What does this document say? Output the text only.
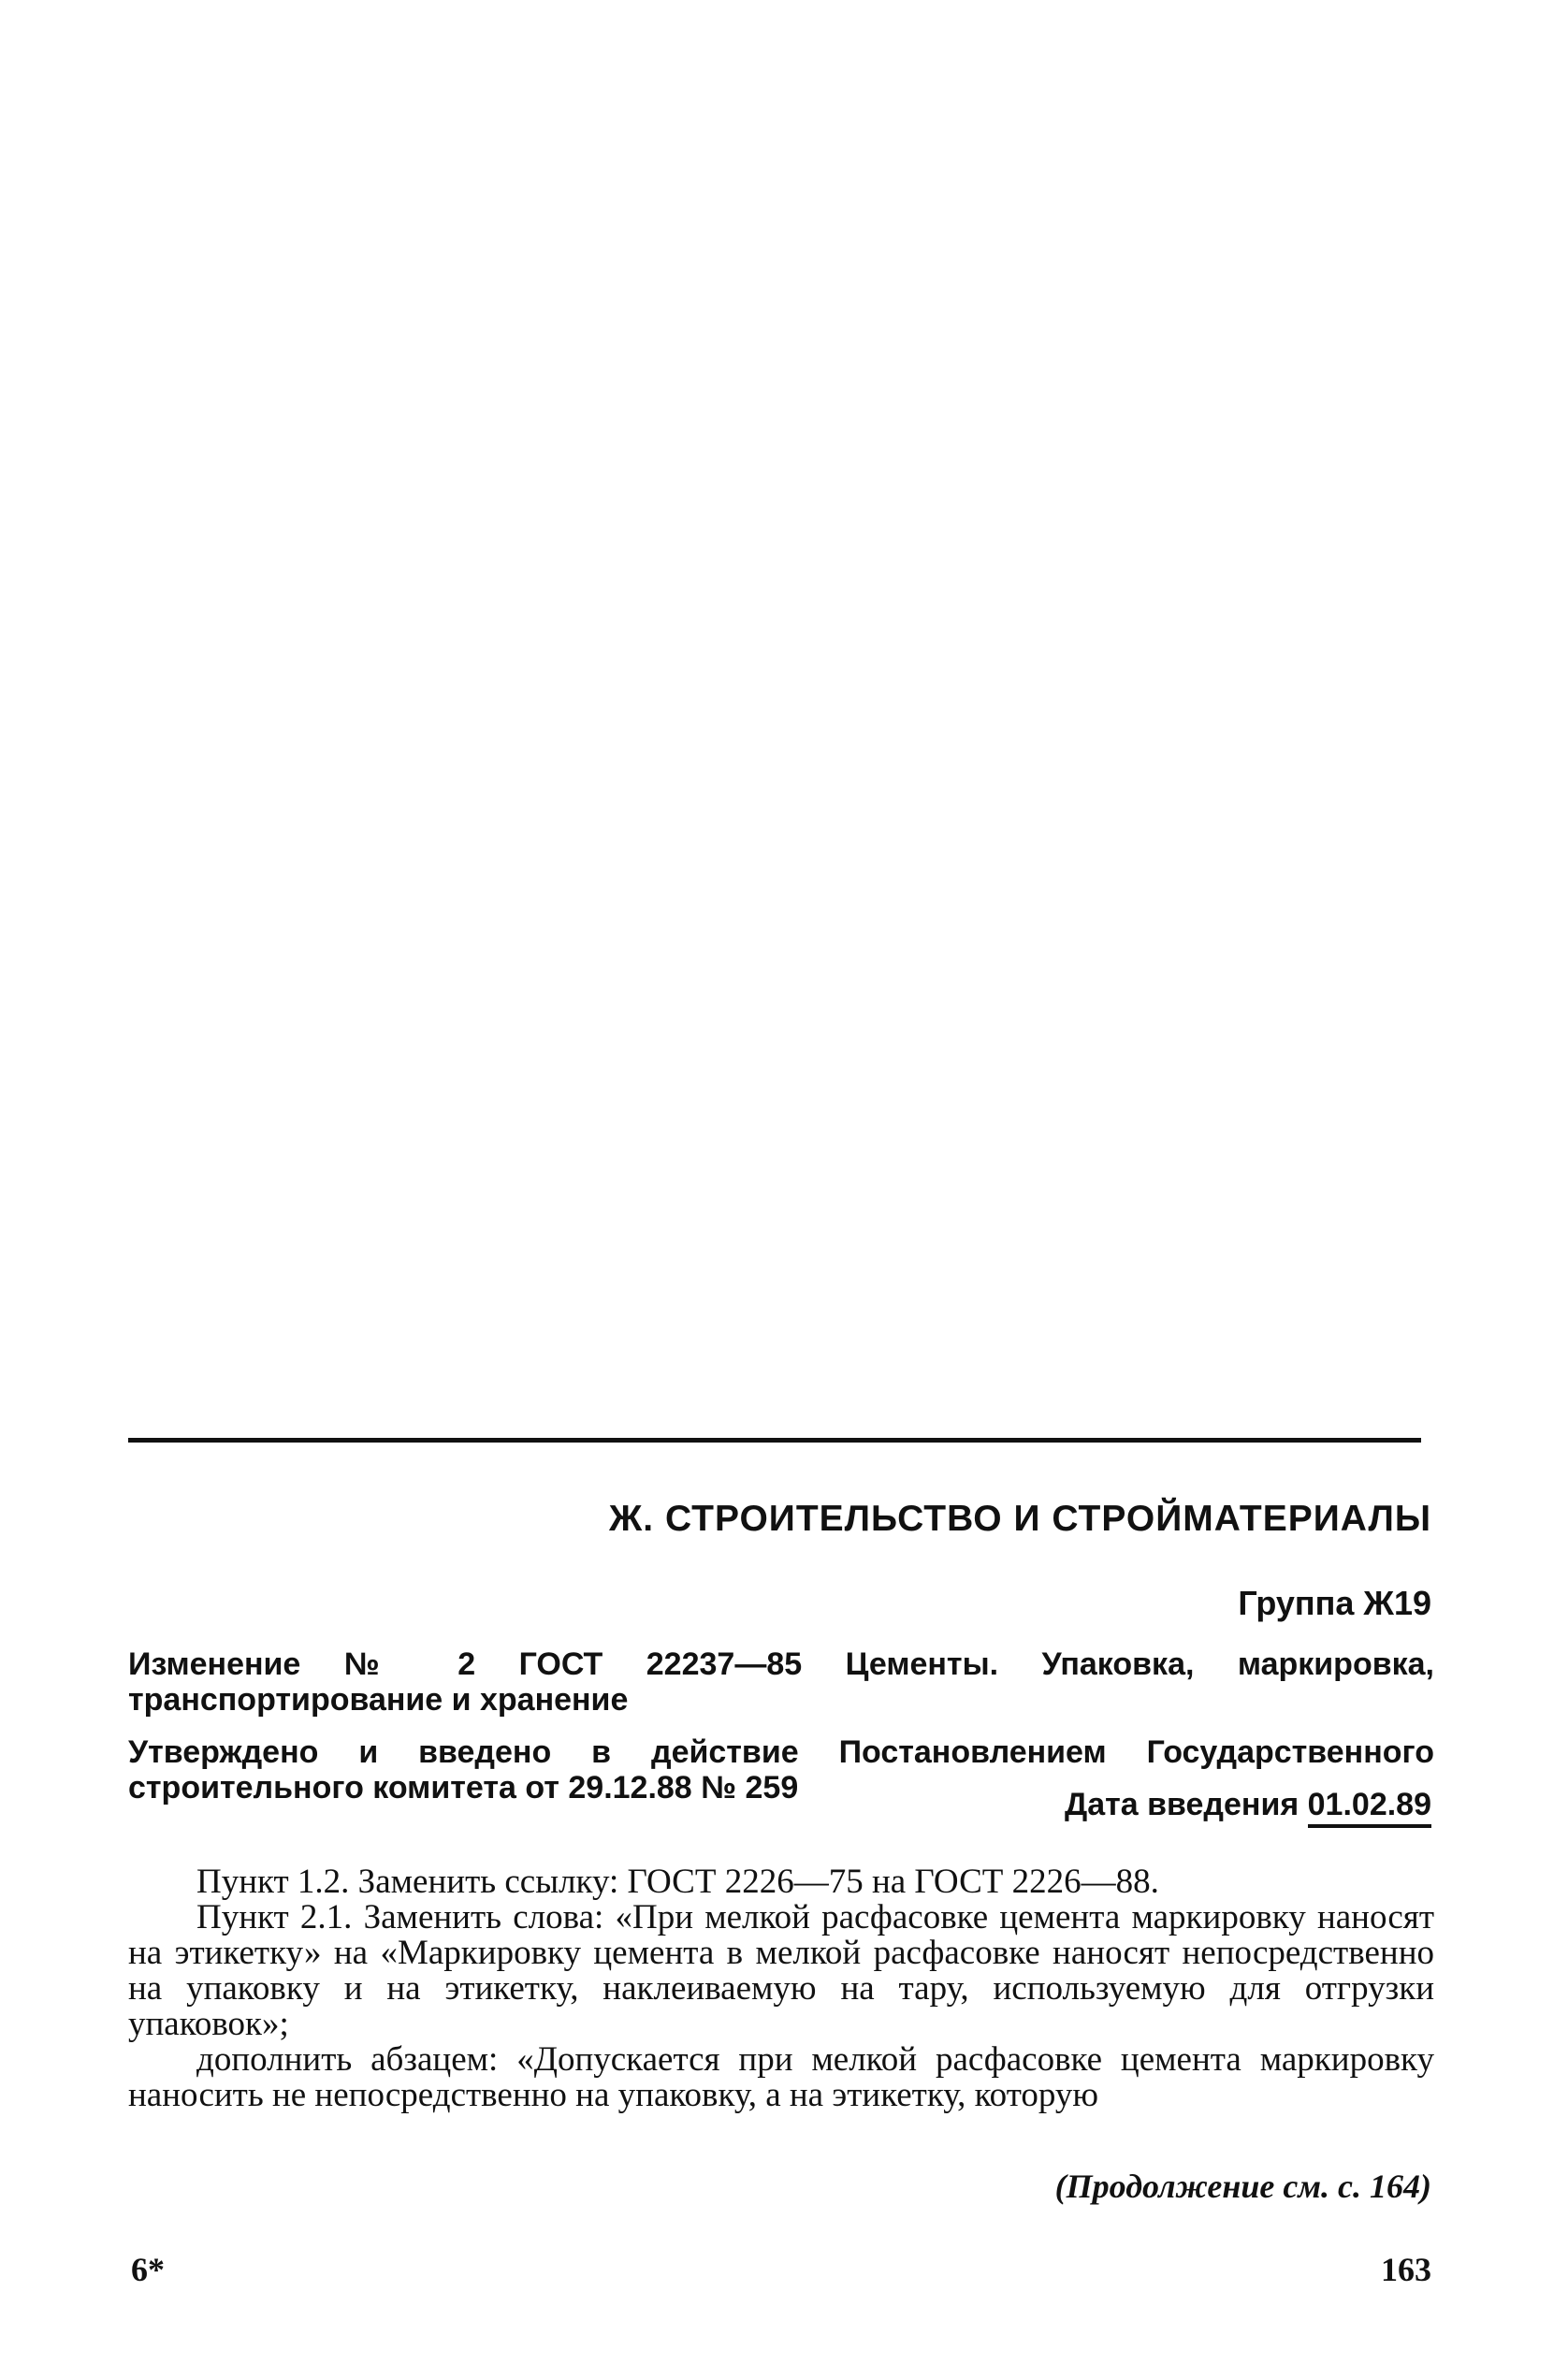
Ж. СТРОИТЕЛЬСТВО И СТРОЙМАТЕРИАЛЫ
Группа Ж19
Изменение № 2 ГОСТ 22237—85 Цементы. Упаковка, маркировка, транспортирование и хранение
Утверждено и введено в действие Постановлением Государственного строительного комитета от 29.12.88 № 259	Дата введения 01.02.89

Пункт 1.2. Заменить ссылку: ГОСТ 2226—75 на ГОСТ 2226—88.

Пункт 2.1. Заменить слова: «При мелкой расфасовке цемента маркировку наносят на этикетку» на «Маркировку цемента в мелкой расфасовке наносят непосредственно на упаковку и на этикетку, наклеиваемую на тару, используемую для отгрузки упаковок»;

дополнить абзацем: «Допускается при мелкой расфасовке цемента маркировку наносить не непосредственно на упаковку, а на этикетку, которую

(Продолжение см. с. 164)
6*	163
